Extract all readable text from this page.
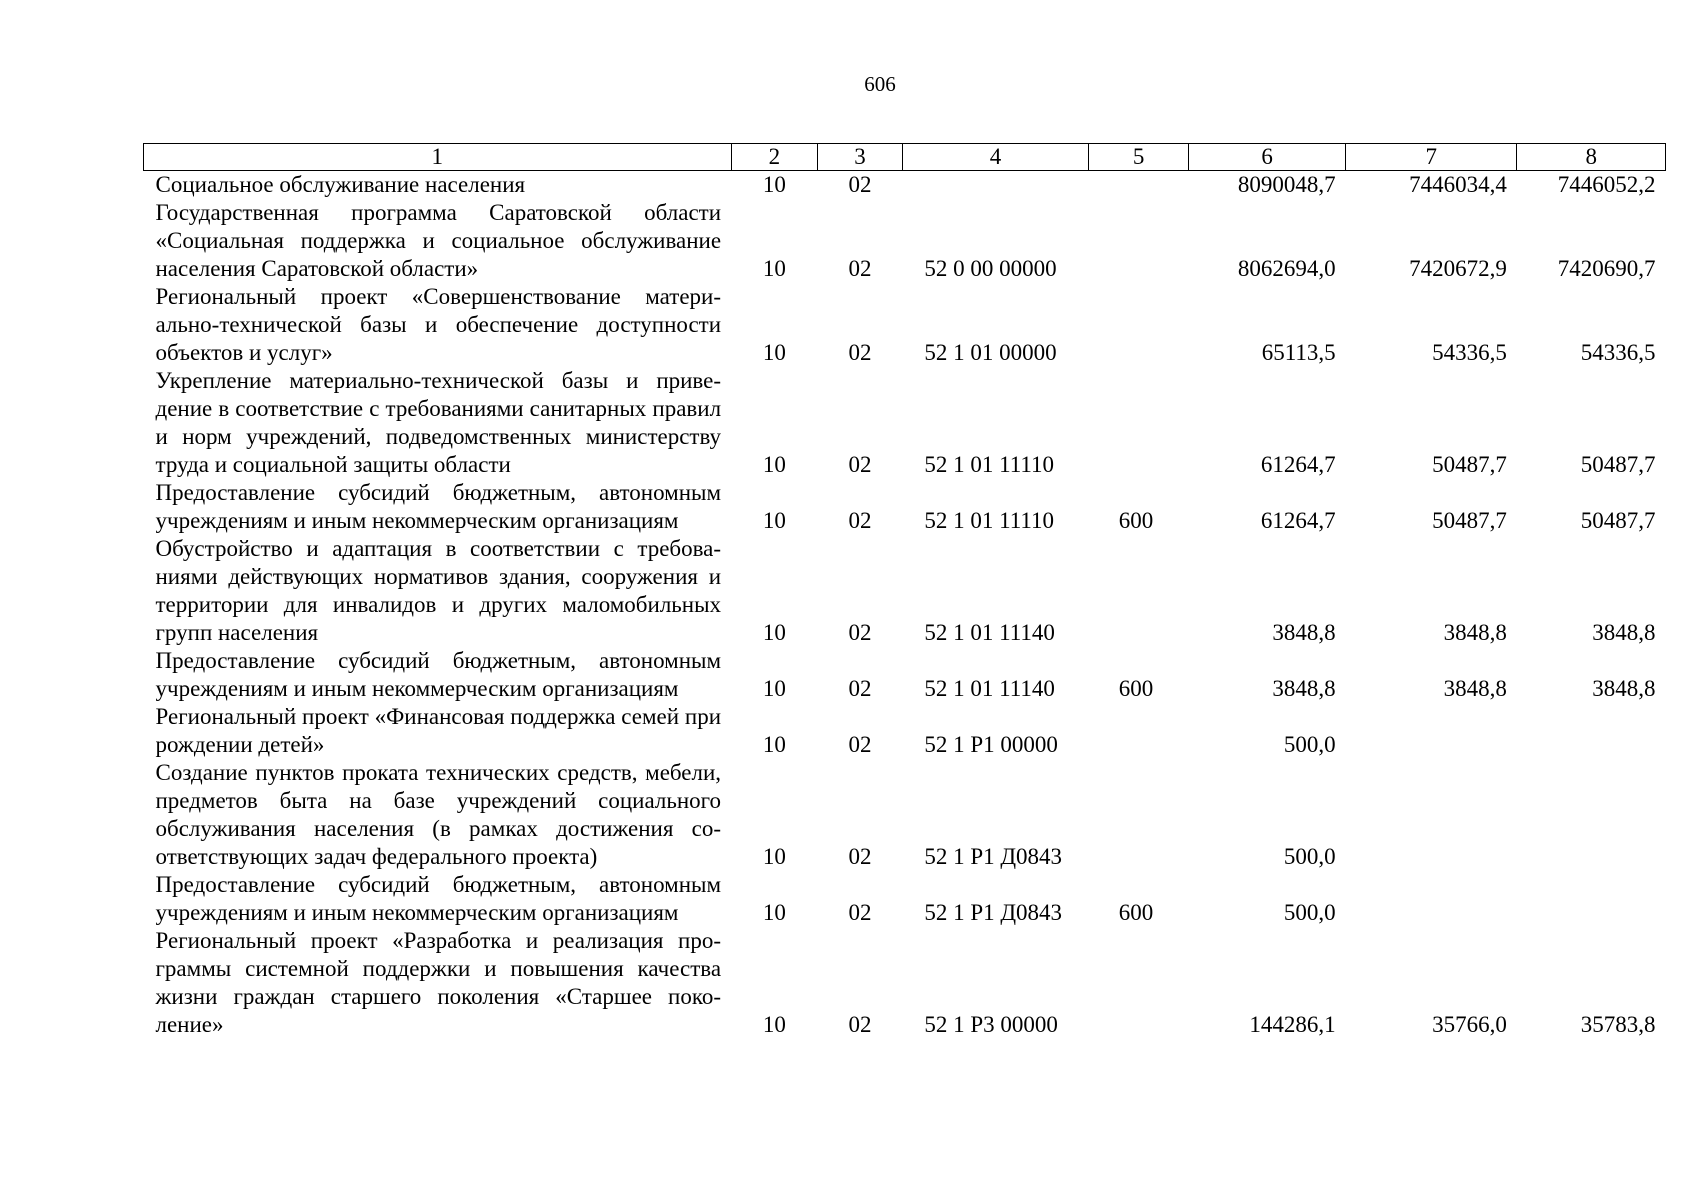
606
1	2	3	4	5	6	7	8
Социальное обслуживание населения	10	02			8090048,7	7446034,4	7446052,2
Государственная программа Саратовской области «Социальная поддержка и социальное обслуживание населения Саратовской области»	10	02	52 0 00 00000		8062694,0	7420672,9	7420690,7
Региональный проект «Совершенствование материально-технической базы и обеспечение доступности объектов и услуг»	10	02	52 1 01 00000		65113,5	54336,5	54336,5
Укрепление материально-технической базы и приведение в соответствие с требованиями санитарных правил и норм учреждений, подведомственных министерству труда и социальной защиты области	10	02	52 1 01 11110		61264,7	50487,7	50487,7
Предоставление субсидий бюджетным, автономным учреждениям и иным некоммерческим организациям	10	02	52 1 01 11110	600	61264,7	50487,7	50487,7
Обустройство и адаптация в соответствии с требованиями действующих нормативов здания, сооружения и территории для инвалидов и других маломобильных групп населения	10	02	52 1 01 11140		3848,8	3848,8	3848,8
Предоставление субсидий бюджетным, автономным учреждениям и иным некоммерческим организациям	10	02	52 1 01 11140	600	3848,8	3848,8	3848,8
Региональный проект «Финансовая поддержка семей при рождении детей»	10	02	52 1 P1 00000		500,0		
Создание пунктов проката технических средств, мебели, предметов быта на базе учреждений социального обслуживания населения (в рамках достижения соответствующих задач федерального проекта)	10	02	52 1 P1 Д0843		500,0		
Предоставление субсидий бюджетным, автономным учреждениям и иным некоммерческим организациям	10	02	52 1 P1 Д0843	600	500,0		
Региональный проект «Разработка и реализация программы системной поддержки и повышения качества жизни граждан старшего поколения «Старшее поколение»	10	02	52 1 P3 00000		144286,1	35766,0	35783,8
